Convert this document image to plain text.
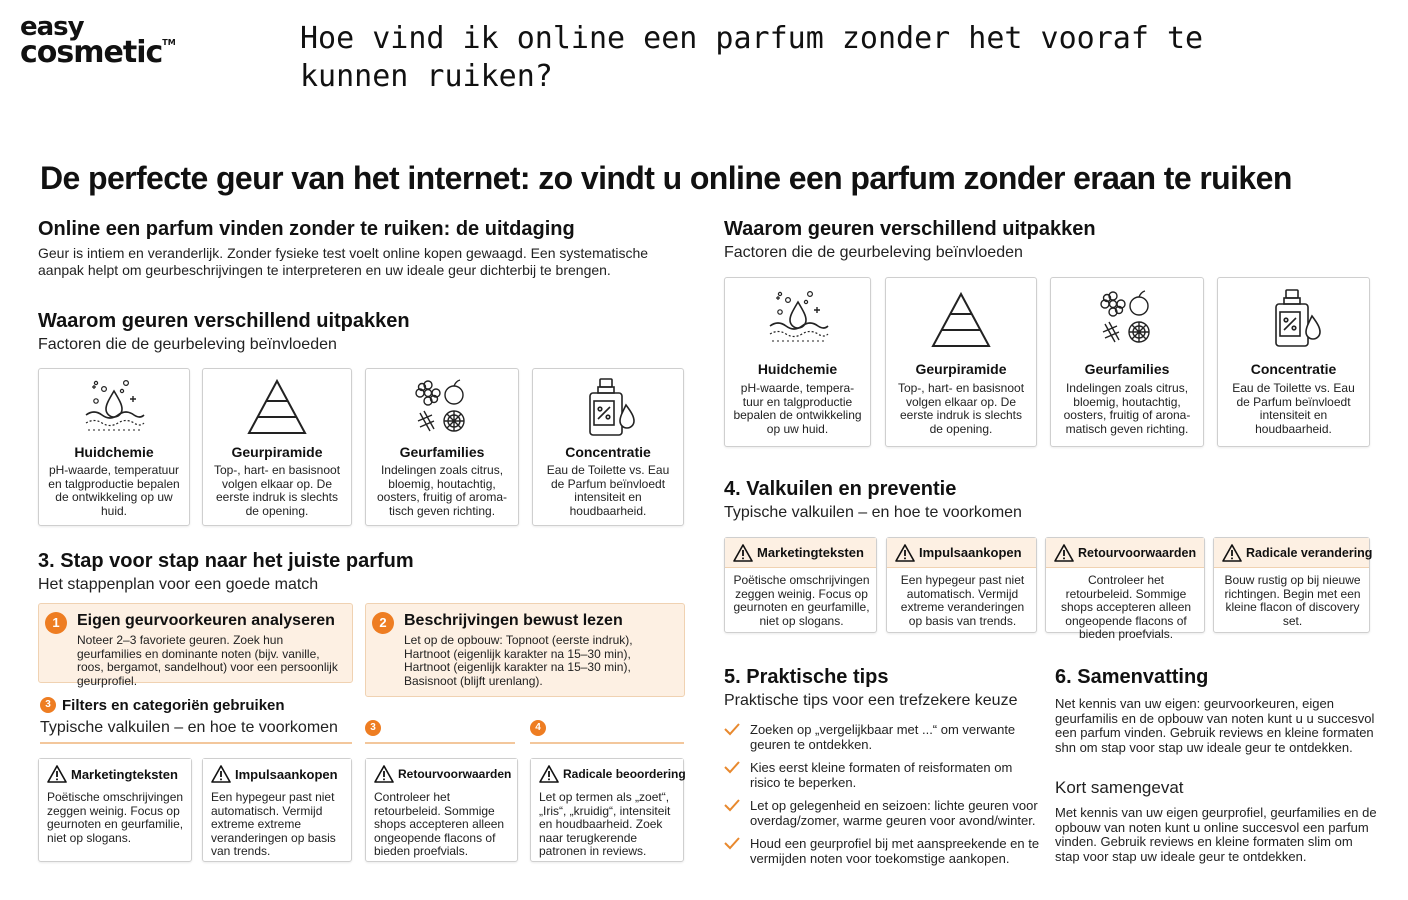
easy
cosmetic™	Hoe vind ik online een parfum zonder het vooraf te kunnen ruiken?
De perfecte geur van het internet: zo vindt u online een parfum zonder eraan te ruiken
Online een parfum vinden zonder te ruiken: de uitdaging
Geur is intiem en veranderlijk. Zonder fysieke test voelt online kopen gewaagd. Een systematische aanpak helpt om geurbeschrijvingen te interpreteren en uw ideale geur dichterbij te brengen.
Waarom geuren verschillend uitpakken
Factoren die de geurbeleving beïnvloeden
Huidchemie
pH-waarde, temperatuur en talgproductie bepalen de ontwikkeling op uw huid.
Geurpiramide
Top-, hart- en basisnoot volgen elkaar op. De eerste indruk is slechts de opening.
Geurfamilies
Indelingen zoals citrus, bloemig, houtachtig, oosters, fruitig of aroma-tisch geven richting.
Concentratie
Eau de Toilette vs. Eau de Parfum beïnvloedt intensiteit en houdbaarheid.
Waarom geuren verschillend uitpakken
Factoren die de geurbeleving beïnvloeden
Huidchemie
pH-waarde, tempera-tuur en talgproductie bepalen de ontwikkeling op uw huid.
Geurpiramide
Top-, hart- en basisnoot volgen elkaar op. De eerste indruk is slechts de opening.
Geurfamilies
Indelingen zoals citrus, bloemig, houtachtig, oosters, fruitig of arona-matisch geven richting.
Concentratie
Eau de Toilette vs. Eau de Parfum beïnvloedt intensiteit en houdbaarheid.
3. Stap voor stap naar het juiste parfum
Het stappenplan voor een goede match
1	Eigen geurvoorkeuren analyseren
Noteer 2–3 favoriete geuren. Zoek hun geurfamilies en dominante noten (bijv. vanille, roos, bergamot, sandelhout) voor een persoonlijk geurprofiel.
2	Beschrijvingen bewust lezen
Let op de opbouw: Topnoot (eerste indruk), Hartnoot (eigenlijk karakter na 15–30 min), Hartnoot (eigenlijk karakter na 15–30 min), Basisnoot (blijft urenlang).
3 Filters en categoriën gebruiken
Typische valkuilen – en hoe te voorkomen	3	4
Marketingteksten
Poëtische omschrijvingen zeggen weinig. Focus op geurnoten en geurfamilie, niet op slogans.
Impulsaankopen
Een hypegeur past niet automatisch. Vermijd extreme extreme veranderingen op basis van trends.
Retourvoorwaarden
Controleer het retourbeleid. Sommige shops accepteren alleen ongeopende flacons of bieden proefvials.
Radicale beoordering
Let op termen als „zoet“, „Iris“, „kruidig“, intensiteit en houdbaarheid. Zoek naar terugkerende patronen in reviews.
4. Valkuilen en preventie
Typische valkuilen – en hoe te voorkomen
Marketingteksten
Poëtische omschrijvingen zeggen weinig. Focus op geurnoten en geurfamille, niet op slogans.
Impulsaankopen
Een hypegeur past niet automatisch. Vermijd extreme veranderingen op basis van trends.
Retourvoorwaarden
Controleer het retourbeleid. Sommige shops accepteren alleen ongeopende flacons of bieden proefvials.
Radicale verandering
Bouw rustig op bij nieuwe richtingen. Begin met een kleine flacon of discovery set.
5. Praktische tips
Praktische tips voor een trefzekere keuze
Zoeken op „vergelijkbaar met ...“ om verwante geuren te ontdekken.
Kies eerst kleine formaten of reisformaten om risico te beperken.
Let op gelegenheid en seizoen: lichte geuren voor overdag/zomer, warme geuren voor avond/winter.
Houd een geurprofiel bij met aanspreekende en te vermijden noten voor toekomstige aankopen.
6. Samenvatting
Net kennis van uw eigen: geurvoorkeuren, eigen geurfamilis en de opbouw van noten kunt u u succesvol een parfum vinden. Gebruik reviews en kleine formaten shn om stap voor stap uw ideale geur te ontdekken.
Kort samengevat
Met kennis van uw eigen geurprofiel, geurfamilies en de opbouw van noten kunt u online succesvol een parfum vinden. Gebruik reviews en kleine formaten slim om stap voor stap uw ideale geur te ontdekken.
